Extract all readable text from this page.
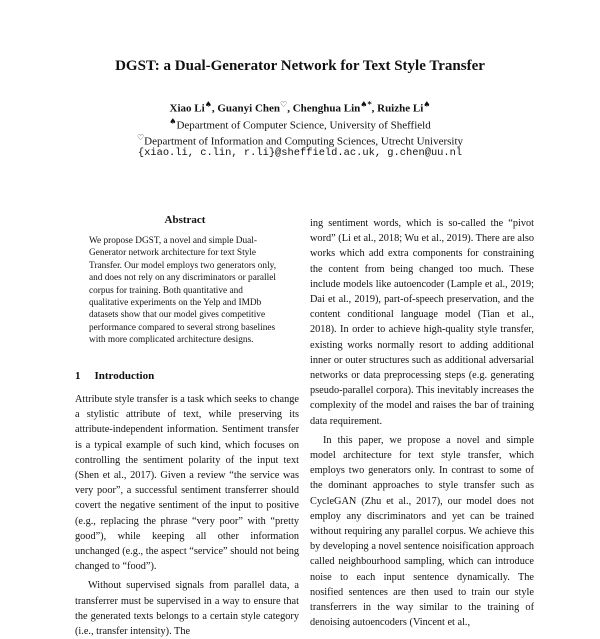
DGST: a Dual-Generator Network for Text Style Transfer
Xiao Li♠, Guanyi Chen♡, Chenghua Lin♠*, Ruizhe Li♠
♠Department of Computer Science, University of Sheffield
♡Department of Information and Computing Sciences, Utrecht University
{xiao.li, c.lin, r.li}@sheffield.ac.uk, g.chen@uu.nl
Abstract

We propose DGST, a novel and simple Dual-Generator network architecture for text Style Transfer. Our model employs two generators only, and does not rely on any discriminators or parallel corpus for training. Both quantitative and qualitative experiments on the Yelp and IMDb datasets show that our model gives competitive performance compared to several strong baselines with more complicated architecture designs.

1 Introduction

Attribute style transfer is a task which seeks to change a stylistic attribute of text, while preserving its attribute-independent information. Sentiment transfer is a typical example of such kind, which focuses on controlling the sentiment polarity of the input text (Shen et al., 2017). Given a review “the service was very poor”, a successful sentiment transferrer should covert the negative sentiment of the input to positive (e.g., replacing the phrase “very poor” with “pretty good”), while keeping all other information unchanged (e.g., the aspect “service” should not being changed to “food”).

Without supervised signals from parallel data, a transferrer must be supervised in a way to ensure that the generated texts belongs to a certain style category (i.e., transfer intensity). The

ing sentiment words, which is so-called the “pivot word” (Li et al., 2018; Wu et al., 2019). There are also works which add extra components for constraining the content from being changed too much. These include models like autoencoder (Lample et al., 2019; Dai et al., 2019), part-of-speech preservation, and the content conditional language model (Tian et al., 2018). In order to achieve high-quality style transfer, existing works normally resort to adding additional inner or outer structures such as additional adversarial networks or data preprocessing steps (e.g. generating pseudo-parallel corpora). This inevitably increases the complexity of the model and raises the bar of training data requirement.

In this paper, we propose a novel and simple model architecture for text style transfer, which employs two generators only. In contrast to some of the dominant approaches to style transfer such as CycleGAN (Zhu et al., 2017), our model does not employ any discriminators and yet can be trained without requiring any parallel corpus. We achieve this by developing a novel sentence noisification approach called neighbourhood sampling, which can introduce noise to each input sentence dynamically. The nosified sentences are then used to train our style transferrers in the way similar to the training of denoising autoencoders (Vincent et al.,
